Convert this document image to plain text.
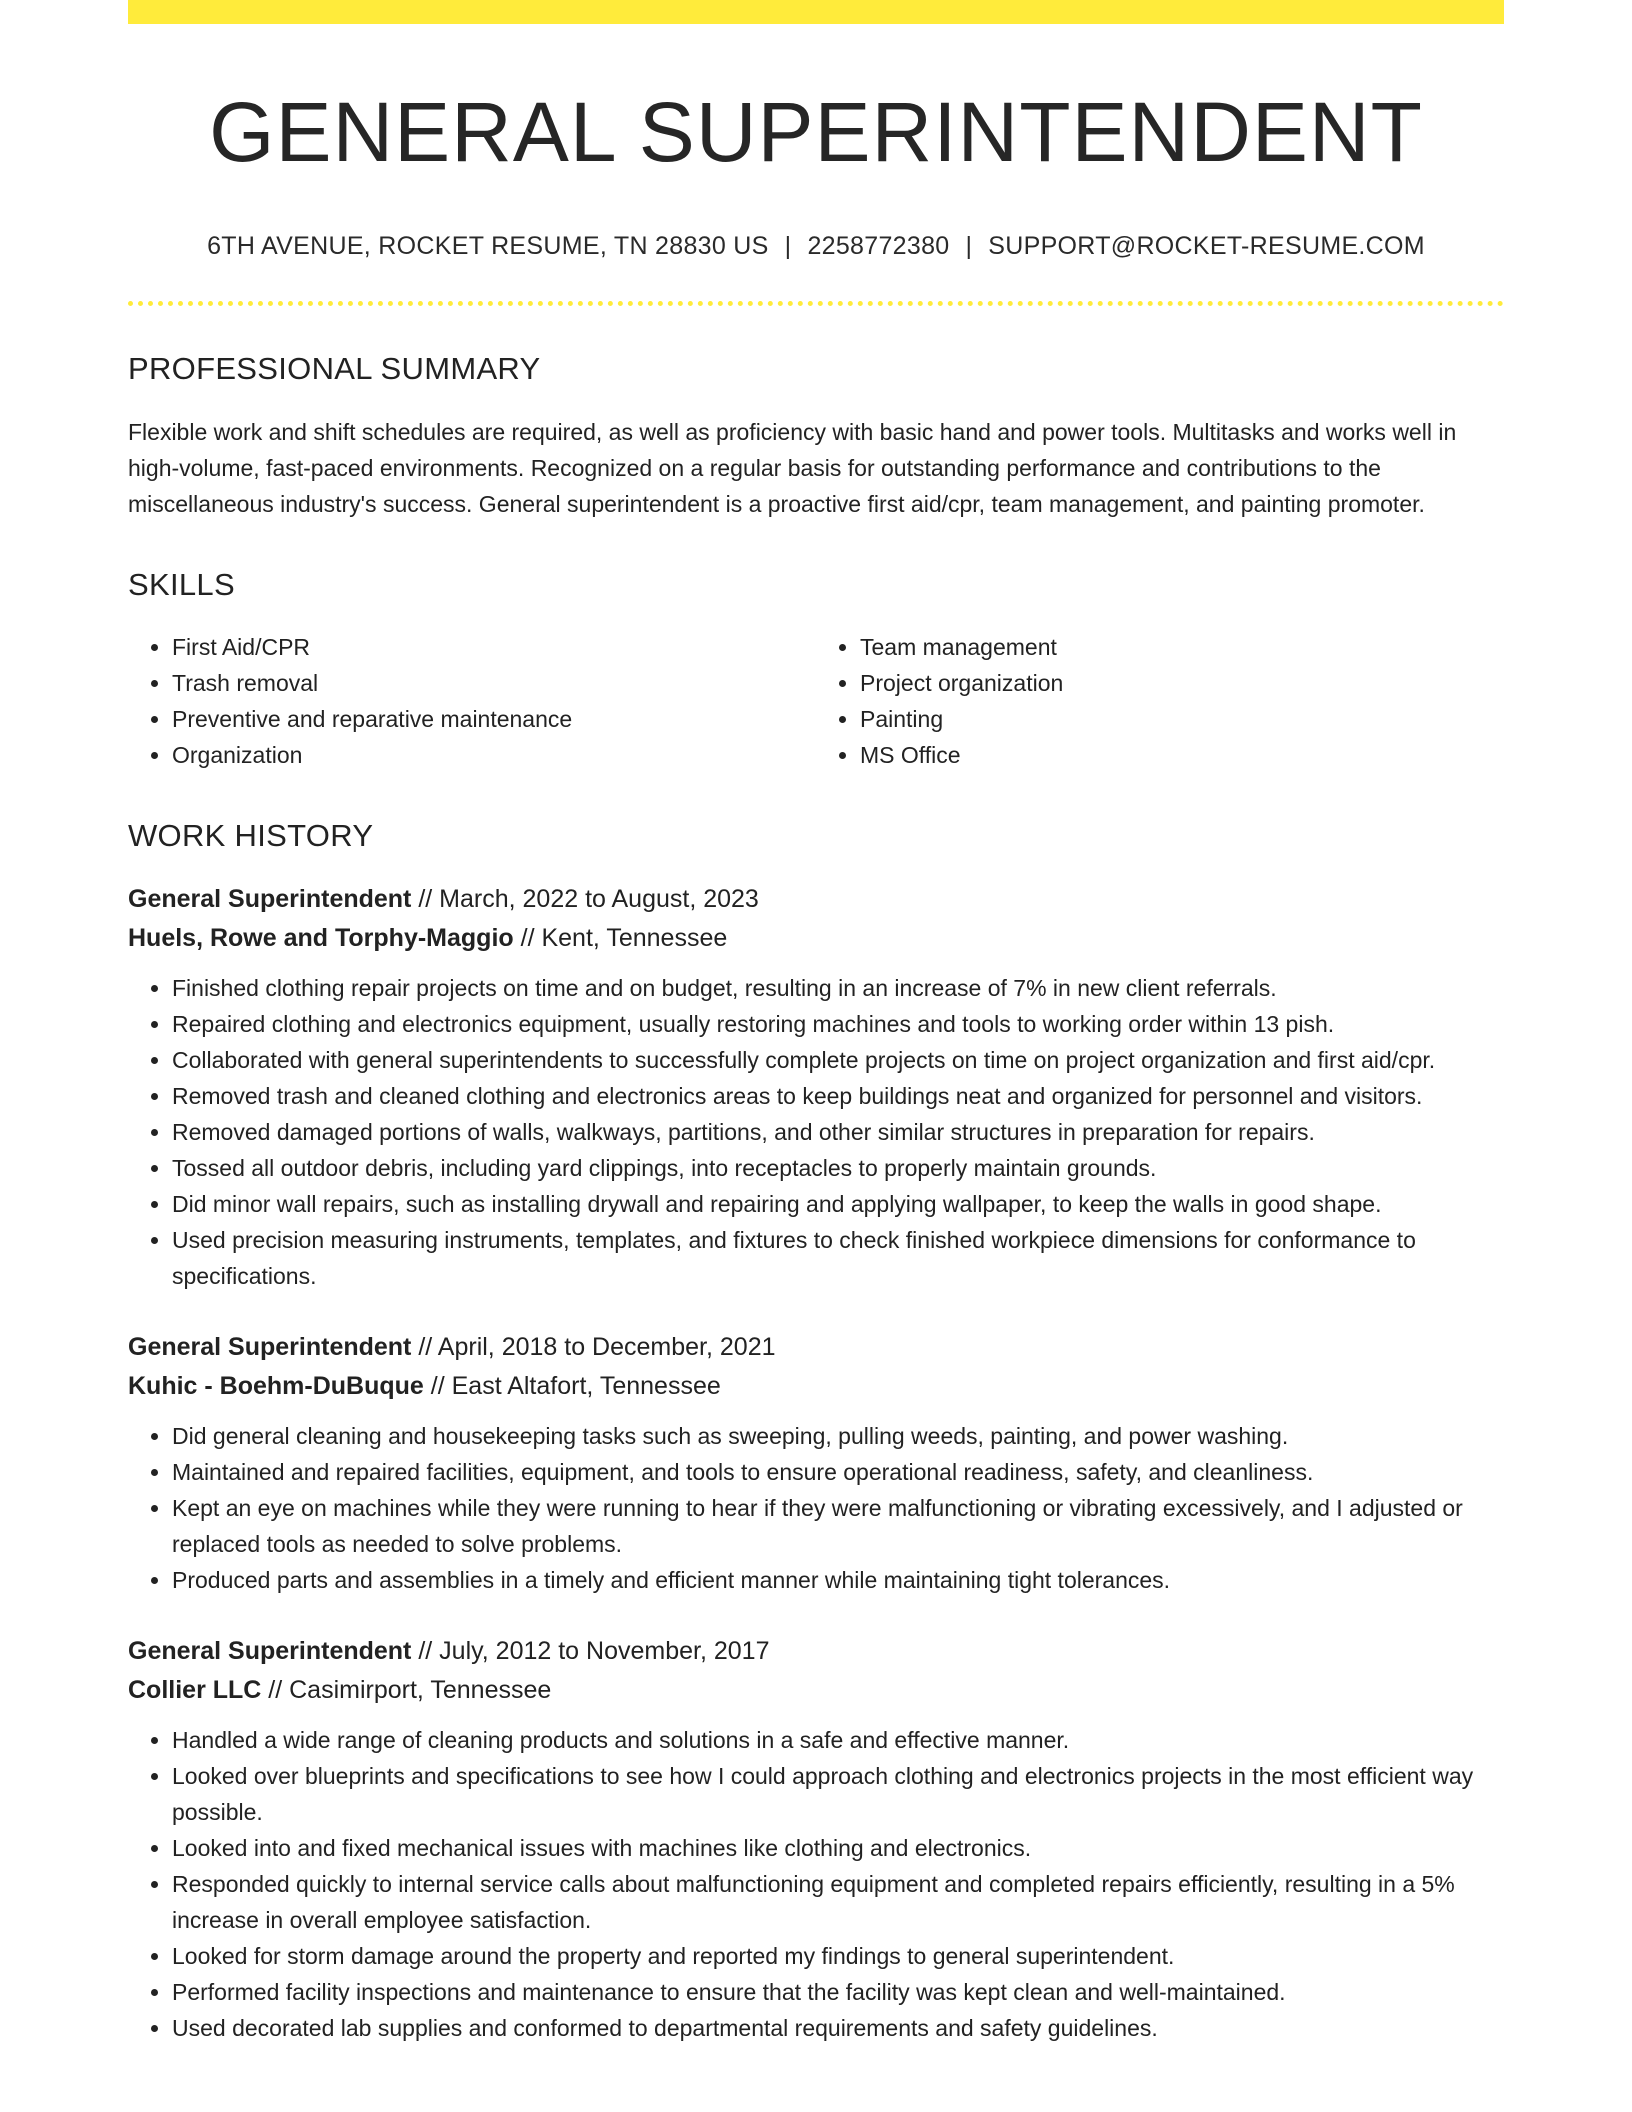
GENERAL SUPERINTENDENT
6TH AVENUE, ROCKET RESUME, TN 28830 US | 2258772380 | SUPPORT@ROCKET-RESUME.COM
PROFESSIONAL SUMMARY

Flexible work and shift schedules are required, as well as proficiency with basic hand and power tools. Multitasks and works well in high-volume, fast-paced environments. Recognized on a regular basis for outstanding performance and contributions to the miscellaneous industry's success. General superintendent is a proactive first aid/cpr, team management, and painting promoter.

SKILLS
• First Aid/CPR
• Trash removal
• Preventive and reparative maintenance
• Organization
• Team management
• Project organization
• Painting
• MS Office
WORK HISTORY
General Superintendent // March, 2022 to August, 2023
Huels, Rowe and Torphy-Maggio // Kent, Tennessee
• Finished clothing repair projects on time and on budget, resulting in an increase of 7% in new client referrals.
• Repaired clothing and electronics equipment, usually restoring machines and tools to working order within 13 pish.
• Collaborated with general superintendents to successfully complete projects on time on project organization and first aid/cpr.
• Removed trash and cleaned clothing and electronics areas to keep buildings neat and organized for personnel and visitors.
• Removed damaged portions of walls, walkways, partitions, and other similar structures in preparation for repairs.
• Tossed all outdoor debris, including yard clippings, into receptacles to properly maintain grounds.
• Did minor wall repairs, such as installing drywall and repairing and applying wallpaper, to keep the walls in good shape.
• Used precision measuring instruments, templates, and fixtures to check finished workpiece dimensions for conformance to specifications.
General Superintendent // April, 2018 to December, 2021
Kuhic - Boehm-DuBuque // East Altafort, Tennessee
• Did general cleaning and housekeeping tasks such as sweeping, pulling weeds, painting, and power washing.
• Maintained and repaired facilities, equipment, and tools to ensure operational readiness, safety, and cleanliness.
• Kept an eye on machines while they were running to hear if they were malfunctioning or vibrating excessively, and I adjusted or replaced tools as needed to solve problems.
• Produced parts and assemblies in a timely and efficient manner while maintaining tight tolerances.
General Superintendent // July, 2012 to November, 2017
Collier LLC // Casimirport, Tennessee
• Handled a wide range of cleaning products and solutions in a safe and effective manner.
• Looked over blueprints and specifications to see how I could approach clothing and electronics projects in the most efficient way possible.
• Looked into and fixed mechanical issues with machines like clothing and electronics.
• Responded quickly to internal service calls about malfunctioning equipment and completed repairs efficiently, resulting in a 5% increase in overall employee satisfaction.
• Looked for storm damage around the property and reported my findings to general superintendent.
• Performed facility inspections and maintenance to ensure that the facility was kept clean and well-maintained.
• Used decorated lab supplies and conformed to departmental requirements and safety guidelines.
